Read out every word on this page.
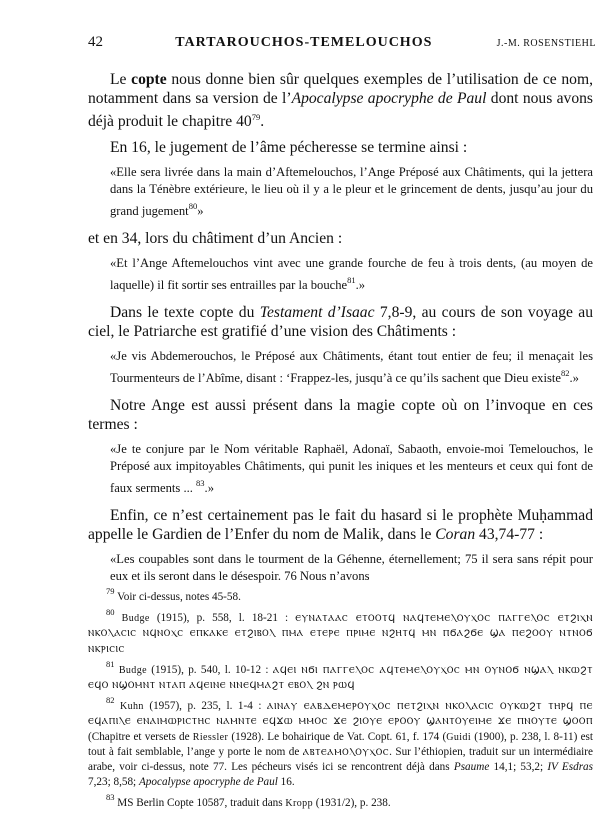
42	TARTAROUCHOS-TEMELOUCHOS	J.-M. ROSENSTIEHL

Le copte nous donne bien sûr quelques exemples de l’utilisation de ce nom, notamment dans sa version de l’Apocalypse apocryphe de Paul dont nous avons déjà produit le chapitre $40^{79}$.

En 16, le jugement de l’âme pécheresse se termine ainsi :

«Elle sera livrée dans la main d’Aftemelouchos, l’Ange Préposé aux Châtiments, qui la jettera dans la Ténèbre extérieure, le lieu où il y a le pleur et le grincement de dents, jusqu’au jour du grand jugement$^{80}$»

et en 34, lors du châtiment d’un Ancien :

«Et l’Ange Aftemelouchos vint avec une grande fourche de feu à trois dents, (au moyen de laquelle) il fit sortir ses entrailles par la bouche$^{81}$.»

Dans le texte copte du Testament d’Isaac 7,8-9, au cours de son voyage au ciel, le Patriarche est gratifié d’une vision des Châtiments :

«Je vis Abdemerouchos, le Préposé aux Châtiments, étant tout entier de feu; il menaçait les Tourmenteurs de l’Abîme, disant : ‘Frappez-les, jusqu’à ce qu’ils sachent que Dieu existe$^{82}$.»

Notre Ange est aussi présent dans la magie copte où on l’invoque en ces termes :

«Je te conjure par le Nom véritable Raphaël, Adonaï, Sabaoth, envoie-moi Temelouchos, le Préposé aux impitoyables Châtiments, qui punit les iniques et les menteurs et ceux qui font de faux serments ... $^{83}$.»

Enfin, ce n’est certainement pas le fait du hasard si le prophète Muḥammad appelle le Gardien de l’Enfer du nom de Malik, dans le Coran 43,74-77 :

«Les coupables sont dans le tourment de la Géhenne, éternellement; 75 il sera sans répit pour eux et ils seront dans le désespoir. 76 Nous n’avons

$^{79}$ Voir ci-dessus, notes 45-58.

$^{80}$ Budge (1915), p. 558, l. 18-21 : ⲈⲨⲚⲀⲦⲀⲀⲤ ⲈⲦⲞⲞⲦϤ ⲚⲀϤⲦⲈⲘⲈⲖⲞⲨⲬⲞⲤ ⲠⲀⲄⲄⲈⲖⲞⲤ ⲈⲦϨⲒⲬⲚ ⲚⲔⲞⲖⲀⲤⲒⲤ ⲚϤⲚⲞⲬⲤ ⲈⲠⲔⲀⲔⲈ ⲈⲦϨⲒⲂⲞⲖ ⲠⲘⲀ ⲈⲦⲈⲢⲈ ⲠⲢⲒⲘⲈ ⲚϨⲎⲦϤ ⲘⲚ ⲠϬⲀϨϬⲈ ϢⲀ ⲠⲈϨⲞⲞⲨ ⲚⲦⲚⲞϬ ⲚⲔⲢⲒⲤⲒⲤ

$^{81}$ Budge (1915), p. 540, l. 10-12 : ⲀϤⲈⲒ ⲚϬⲒ ⲠⲀⲄⲄⲈⲖⲞⲤ ⲀϤⲦⲈⲘⲈⲖⲞⲨⲬⲞⲤ ⲘⲚ ⲞⲨⲚⲞϬ ⲚϢⲀⲖ ⲚⲔⲰϨⲦ ⲈϤⲞ ⲚϢⲞⲘⲚⲦ ⲚⲦⲀⲠ ⲀϤⲈⲒⲚⲈ ⲚⲚⲈϤⲘⲀϨⲦ ⲈⲂⲞⲖ ϨⲚ ⲢⲰϤ

$^{82}$ Kuhn (1957), p. 235, l. 1-4 : ⲀⲒⲚⲀⲨ ⲈⲀⲂⲆⲈⲘⲈⲢⲞⲨⲬⲞⲤ ⲠⲈⲦϨⲒⲬⲚ ⲚⲔⲞⲖⲀⲤⲒⲤ ⲞⲨⲔⲰϨⲦ ⲦⲎⲢϤ ⲠⲈ ⲈϤⲀⲠⲒⲖⲈ ⲈⲚⲀⲒⲘⲰⲢⲒⲤⲦⲎⲤ ⲚⲀⲘⲚⲦⲈ ⲈϤϪⲰ ⲘⲘⲞⲤ ϪⲈ ϨⲒⲞⲨⲈ ⲈⲢⲞⲞⲨ ϢⲀⲚⲦⲞⲨⲈⲒⲘⲈ ϪⲈ ⲠⲚⲞⲨⲦⲈ ϢⲞⲞⲠ (Chapitre et versets de Riessler (1928). Le bohairique de Vat. Copt. 61, f. 174 (Guidi (1900), p. 238, l. 8-11) est tout à fait semblable, l’ange y porte le nom de ⲀⲂⲦⲈⲀⲘⲞⲖⲞⲨⲬⲞⲤ. Sur l’éthiopien, traduit sur un intermédiaire arabe, voir ci-dessus, note 77. Les pécheurs visés ici se rencontrent déjà dans Psaume 14,1; 53,2; IV Esdras 7,23; 8,58; Apocalypse apocryphe de Paul 16.

$^{83}$ MS Berlin Copte 10587, traduit dans Kropp (1931/2), p. 238.
